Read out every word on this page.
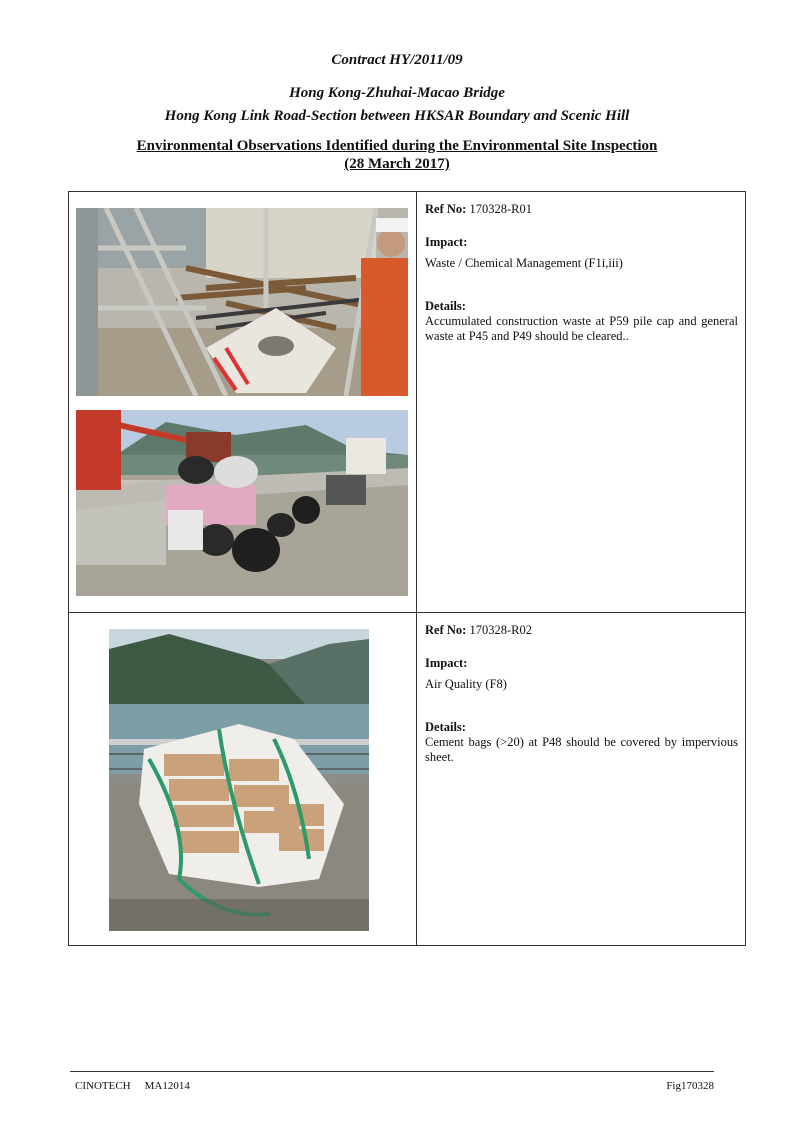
Contract HY/2011/09
Hong Kong-Zhuhai-Macao Bridge
Hong Kong Link Road-Section between HKSAR Boundary and Scenic Hill
Environmental Observations Identified during the Environmental Site Inspection
(28 March 2017)

Ref No: 170328-R01
Impact:
Waste / Chemical Management (F1i,iii)
Details:
Accumulated construction waste at P59 pile cap and general waste at P45 and P49 should be cleared..

Ref No: 170328-R02
Impact:
Air Quality (F8)
Details:
Cement bags (>20) at P48 should be covered by impervious sheet.
CINOTECH MA12014	Fig170328
